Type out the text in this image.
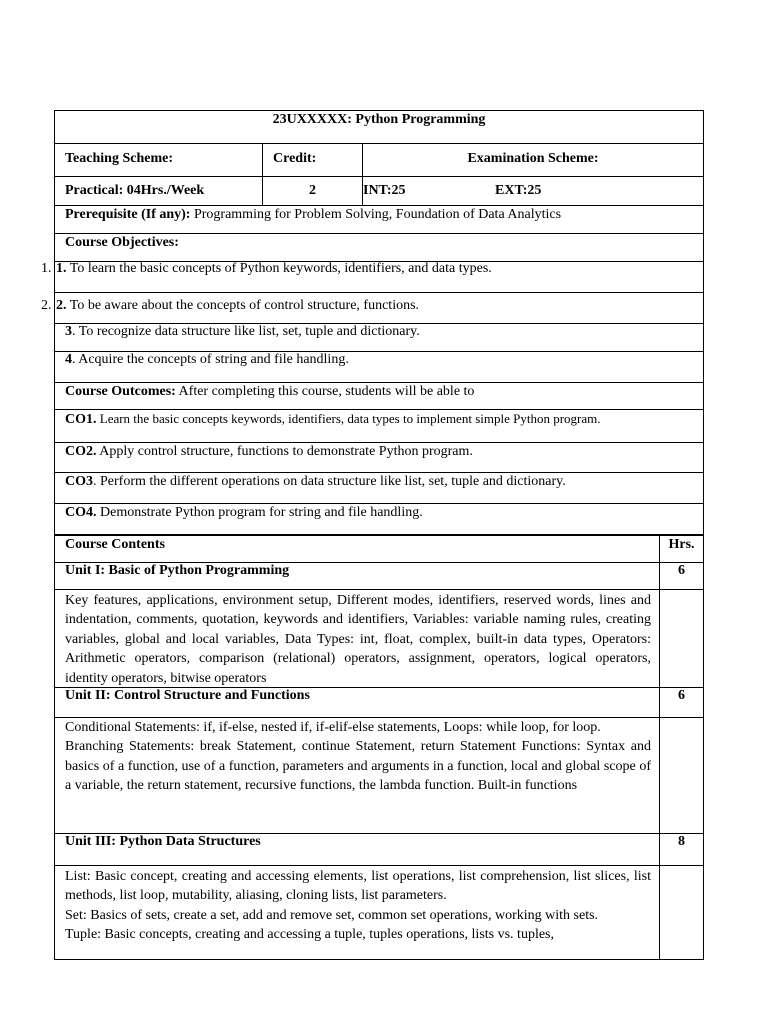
23UXXXXX: Python Programming
Teaching Scheme:	Credit:	Examination Scheme:
Practical: 04Hrs./Week	2	INT:25	EXT:25
Prerequisite (If any): Programming for Problem Solving, Foundation of Data Analytics
Course Objectives:
1. 1. To learn the basic concepts of Python keywords, identifiers, and data types.
2. 2. To be aware about the concepts of control structure, functions.
3. To recognize data structure like list, set, tuple and dictionary.
4. Acquire the concepts of string and file handling.
Course Outcomes: After completing this course, students will be able to
CO1. Learn the basic concepts keywords, identifiers, data types to implement simple Python program.
CO2. Apply control structure, functions to demonstrate Python program.
CO3. Perform the different operations on data structure like list, set, tuple and dictionary.
CO4. Demonstrate Python program for string and file handling.
Course Contents	Hrs.
Unit I: Basic of Python Programming	6
Key features, applications, environment setup, Different modes, identifiers, reserved words, lines and indentation, comments, quotation, keywords and identifiers, Variables: variable naming rules, creating variables, global and local variables, Data Types: int, float, complex, built-in data types, Operators: Arithmetic operators, comparison (relational) operators, assignment, operators, logical operators, identity operators, bitwise operators
Unit II: Control Structure and Functions	6
Conditional Statements: if, if-else, nested if, if-elif-else statements, Loops: while loop, for loop.
Branching Statements: break Statement, continue Statement, return Statement Functions: Syntax and basics of a function, use of a function, parameters and arguments in a function, local and global scope of a variable, the return statement, recursive functions, the lambda function. Built-in functions
Unit III: Python Data Structures	8
List: Basic concept, creating and accessing elements, list operations, list comprehension, list slices, list methods, list loop, mutability, aliasing, cloning lists, list parameters.
Set: Basics of sets, create a set, add and remove set, common set operations, working with sets.
Tuple: Basic concepts, creating and accessing a tuple, tuples operations, lists vs. tuples,
